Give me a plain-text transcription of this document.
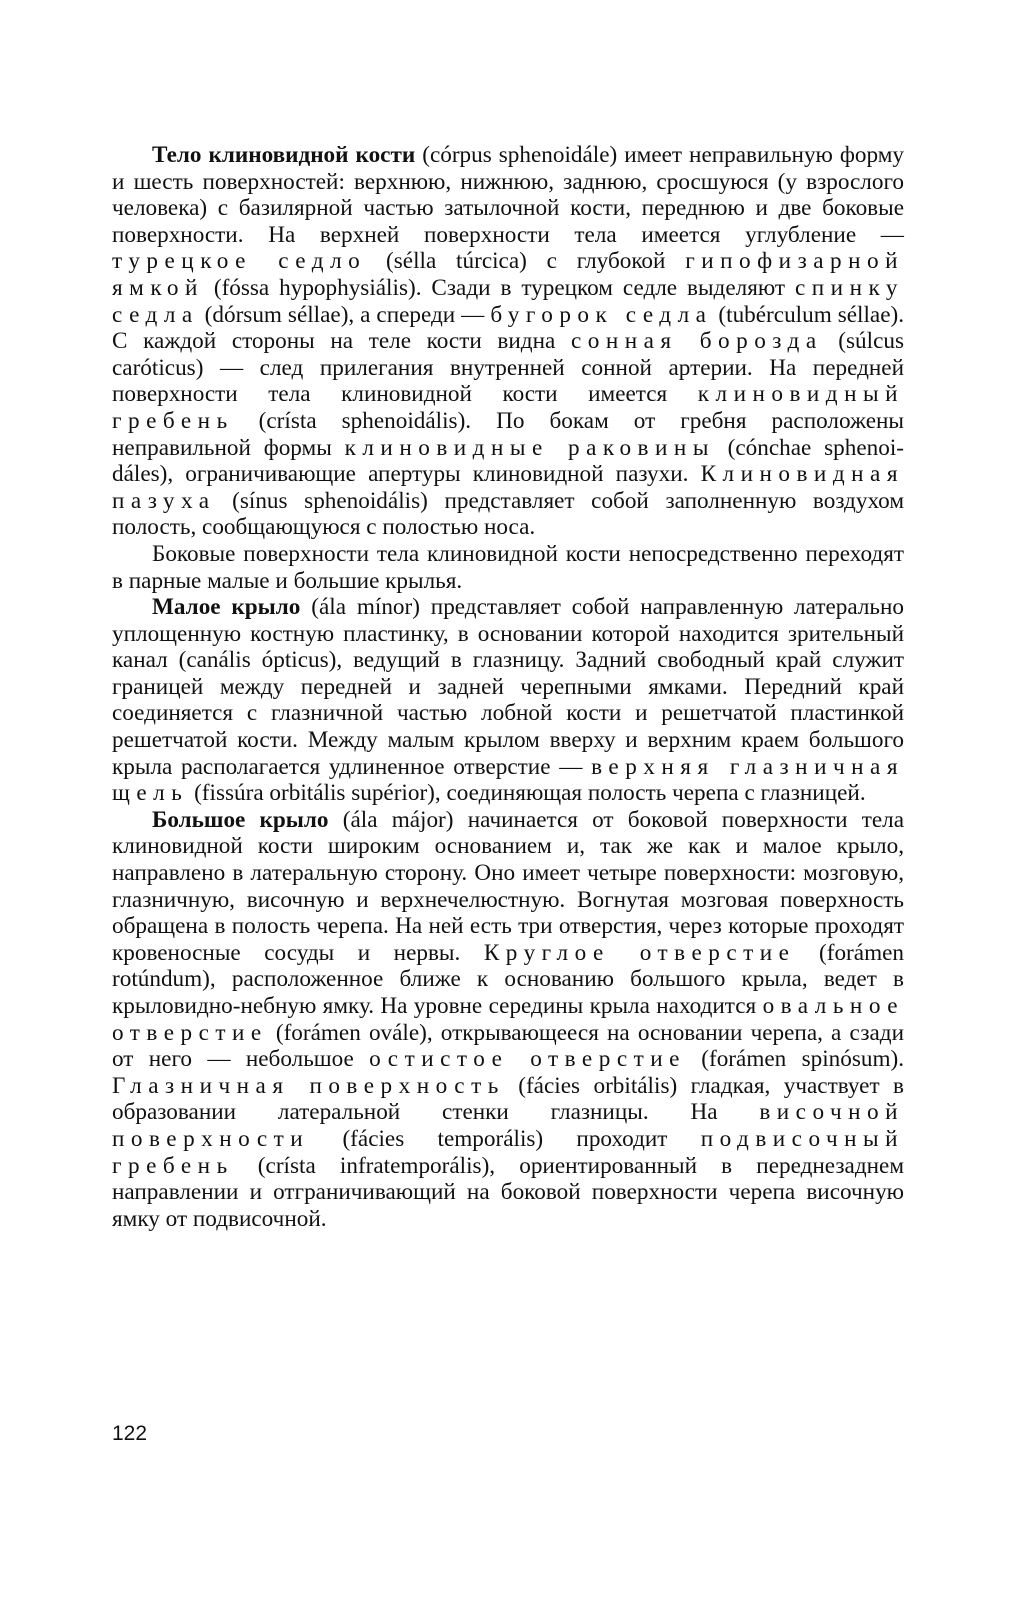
Тело клиновидной кости (córpus sphenoidále) имеет неправильную форму и шесть поверхностей: верхнюю, нижнюю, заднюю, сросшуюся (у взрослого человека) с базилярной частью затылочной кости, переднюю и две боковые поверхности. На верхней поверхности тела имеется углубление — турецкое седло (sélla túrcica) с глубокой гипофизарной ямкой (fóssa hypophysiális). Сзади в турецком седле выделяют спинку седла (dórsum séllae), а спереди — бугорок седла (tubérculum séllae). С каждой стороны на теле кости видна сонная борозда (súlcus caróticus) — след прилегания внутренней сонной артерии. На передней поверхности тела клиновидной кости имеется клиновидный гребень (crísta sphenoidális). По бокам от гребня расположены неправильной формы клиновидные раковины (cónchae sphenoidáles), ограничивающие апертуры клиновидной пазухи. Клиновидная пазуха (sínus sphenoidális) представляет собой заполненную воздухом полость, сообщающуюся с полостью носа.

Боковые поверхности тела клиновидной кости непосредственно переходят в парные малые и большие крылья.

Малое крыло (ála mínor) представляет собой направленную латерально уплощенную костную пластинку, в основании которой находится зрительный канал (canális ópticus), ведущий в глазницу. Задний свободный край служит границей между передней и задней черепными ямками. Передний край соединяется с глазничной частью лобной кости и решетчатой пластинкой решетчатой кости. Между малым крылом вверху и верхним краем большого крыла располагается удлиненное отверстие — верхняя глазничная щель (fissúra orbitális supérior), соединяющая полость черепа с глазницей.

Большое крыло (ála májor) начинается от боковой поверхности тела клиновидной кости широким основанием и, так же как и малое крыло, направлено в латеральную сторону. Оно имеет четыре поверхности: мозговую, глазничную, височную и верхнечелюстную. Вогнутая мозговая поверхность обращена в полость черепа. На ней есть три отверстия, через которые проходят кровеносные сосуды и нервы. Круглое отверстие (forámen rotúndum), расположенное ближе к основанию большого крыла, ведет в крыловидно-небную ямку. На уровне середины крыла находится овальное отверстие (forámen ovále), открывающееся на основании черепа, а сзади от него — небольшое остистое отверстие (forámen spinósum). Глазничная поверхность (fácies orbitális) гладкая, участвует в образовании латеральной стенки глазницы. На височной поверхности (fácies temporális) проходит подвисочный гребень (crísta infratemporális), ориентированный в переднезаднем направлении и отграничивающий на боковой поверхности черепа височную ямку от подвисочной.

122
